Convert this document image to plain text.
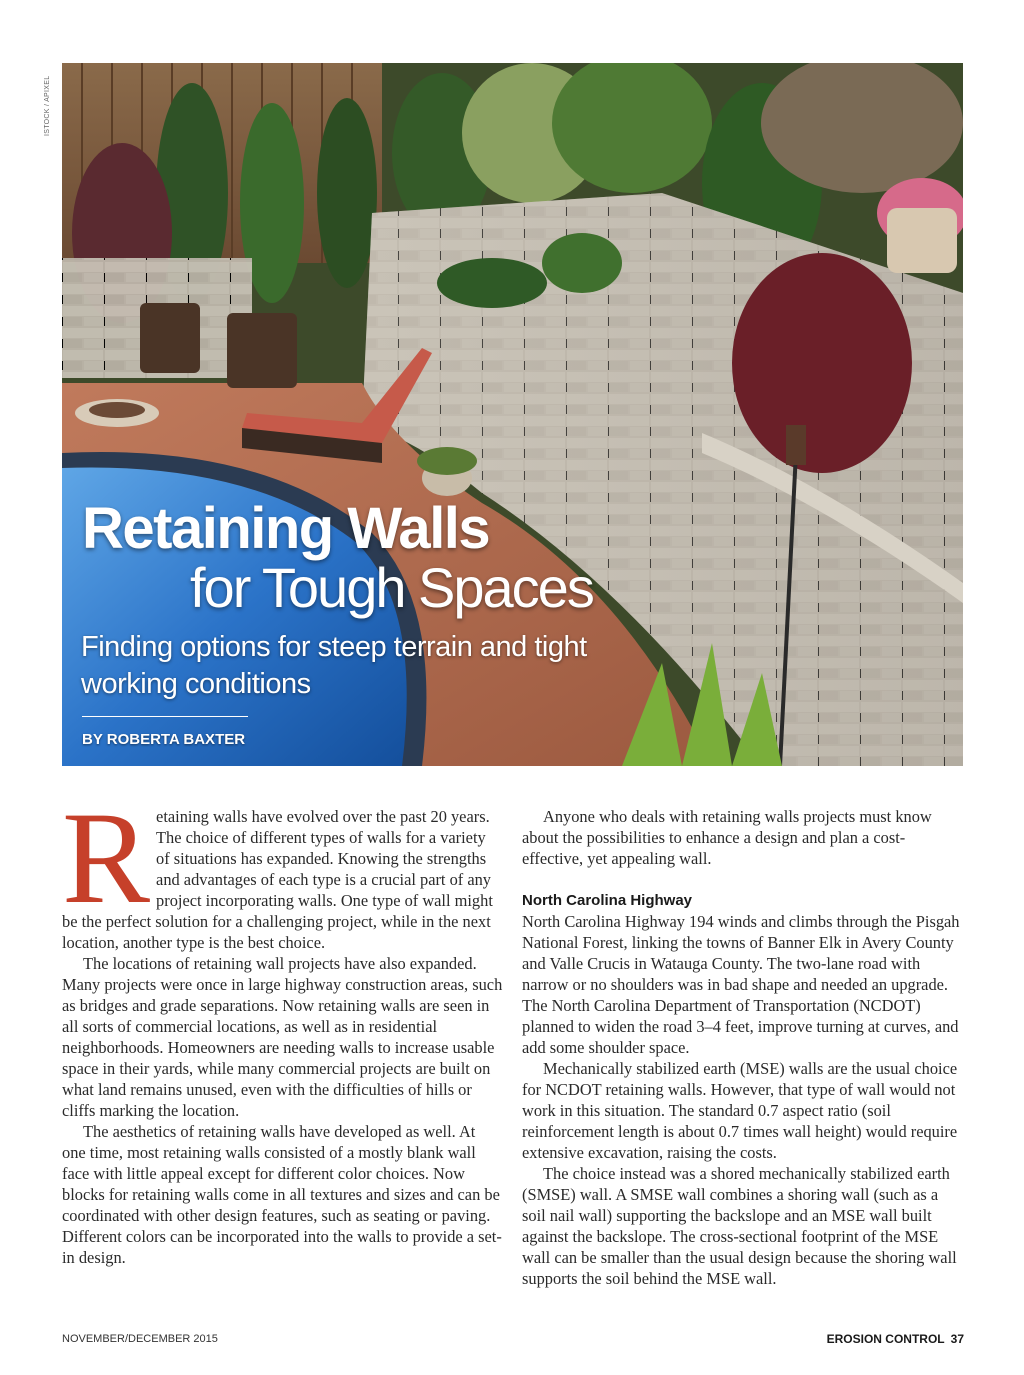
ISTOCK / APIXEL
Retaining Walls
for Tough Spaces
Finding options for steep terrain and tight working conditions
BY ROBERTA BAXTER

Retaining walls have evolved over the past 20 years. The choice of different types of walls for a variety of situations has expanded. Knowing the strengths and advantages of each type is a crucial part of any project incorporating walls. One type of wall might be the perfect solution for a challenging project, while in the next location, another type is the best choice.

The locations of retaining wall projects have also expanded. Many projects were once in large highway construction areas, such as bridges and grade separations. Now retaining walls are seen in all sorts of commercial locations, as well as in residential neighborhoods. Homeowners are needing walls to increase usable space in their yards, while many commercial projects are built on what land remains unused, even with the difficulties of hills or cliffs marking the location.

The aesthetics of retaining walls have developed as well. At one time, most retaining walls consisted of a mostly blank wall face with little appeal except for different color choices. Now blocks for retaining walls come in all textures and sizes and can be coordinated with other design features, such as seating or paving. Different colors can be incorporated into the walls to provide a set-in design.

Anyone who deals with retaining walls projects must know about the possibilities to enhance a design and plan a cost-effective, yet appealing wall.

North Carolina Highway

North Carolina Highway 194 winds and climbs through the Pisgah National Forest, linking the towns of Banner Elk in Avery County and Valle Crucis in Watauga County. The two-lane road with narrow or no shoulders was in bad shape and needed an upgrade. The North Carolina Department of Transportation (NCDOT) planned to widen the road 3–4 feet, improve turning at curves, and add some shoulder space.

Mechanically stabilized earth (MSE) walls are the usual choice for NCDOT retaining walls. However, that type of wall would not work in this situation. The standard 0.7 aspect ratio (soil reinforcement length is about 0.7 times wall height) would require extensive excavation, raising the costs.

The choice instead was a shored mechanically stabilized earth (SMSE) wall. A SMSE wall combines a shoring wall (such as a soil nail wall) supporting the backslope and an MSE wall built against the backslope. The cross-sectional footprint of the MSE wall can be smaller than the usual design because the shoring wall supports the soil behind the MSE wall.

NOVEMBER/DECEMBER 2015	EROSION CONTROL 37
